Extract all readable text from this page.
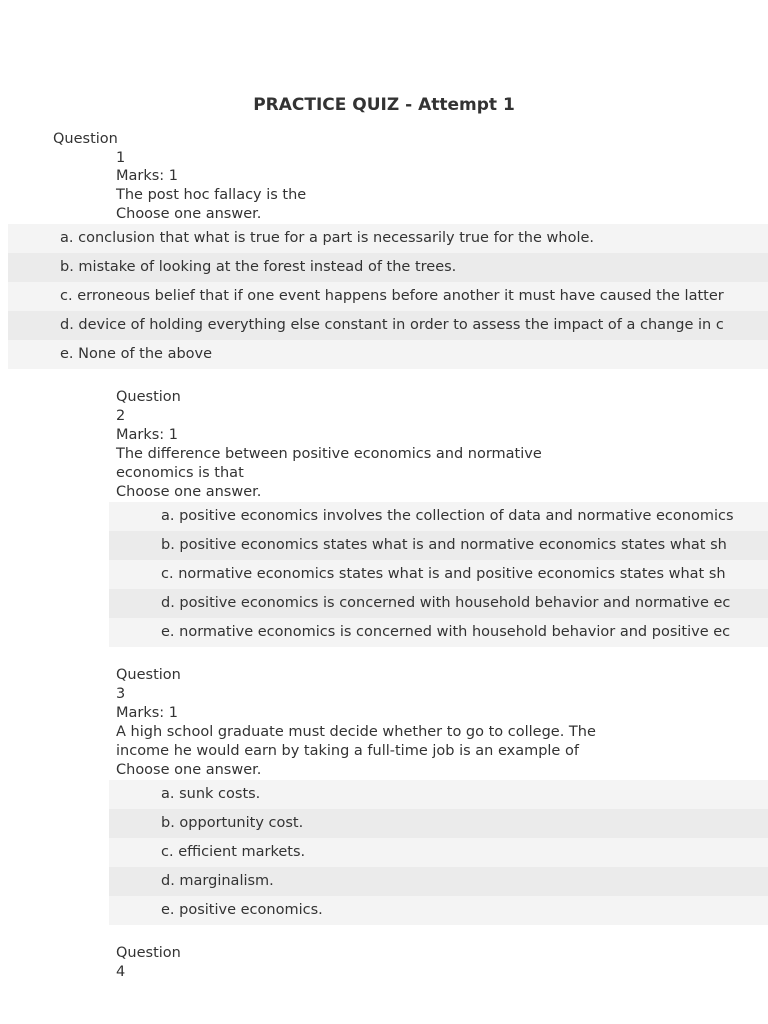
PRACTICE QUIZ - Attempt 1
Question
1
Marks: 1
The post hoc fallacy is the
Choose one answer.
a. conclusion that what is true for a part is necessarily true for the whole.
b. mistake of looking at the forest instead of the trees.
c. erroneous belief that if one event happens before another it must have caused the latter
d. device of holding everything else constant in order to assess the impact of a change in c
e. None of the above
Question
2
Marks: 1
The difference between positive economics and normative
economics is that
Choose one answer.
a. positive economics involves the collection of data and normative economics
b. positive economics states what is and normative economics states what sh
c. normative economics states what is and positive economics states what sh
d. positive economics is concerned with household behavior and normative ec
e. normative economics is concerned with household behavior and positive ec
Question
3
Marks: 1
A high school graduate must decide whether to go to college. The
income he would earn by taking a full-time job is an example of
Choose one answer.
a. sunk costs.
b. opportunity cost.
c. efficient markets.
d. marginalism.
e. positive economics.
Question
4
